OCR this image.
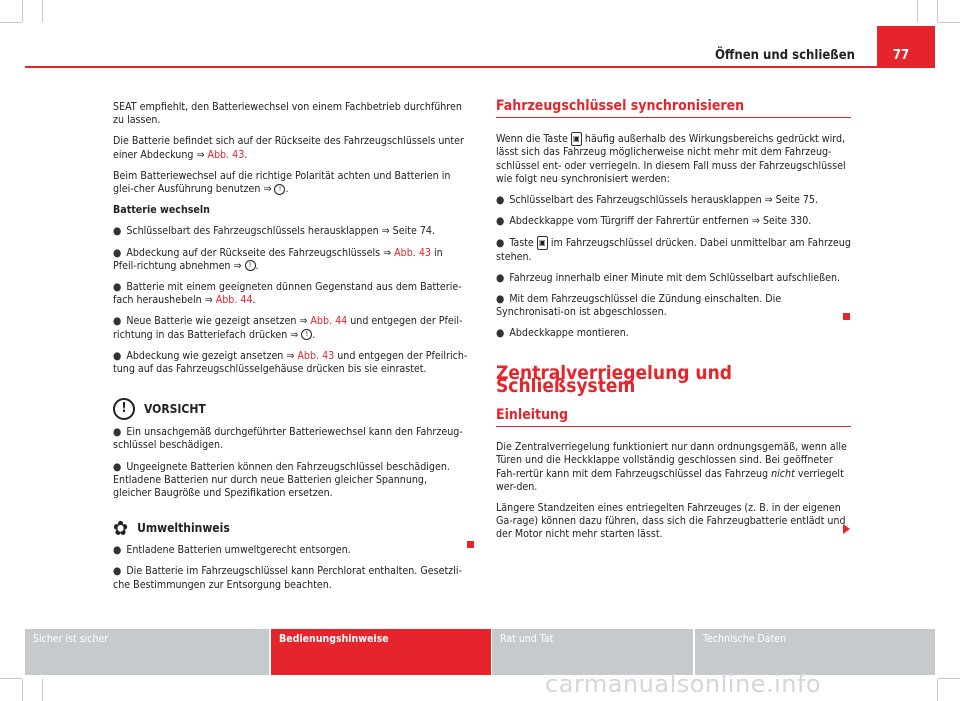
Öffnen und schließen	77

SEAT empfiehlt, den Batteriewechsel von einem Fachbetrieb durchführen zu lassen.

Die Batterie befindet sich auf der Rückseite des Fahrzeugschlüssels unter einer Abdeckung ⇒ Abb. 43.

Beim Batteriewechsel auf die richtige Polarität achten und Batterien in glei-cher Ausführung benutzen ⇒ ! .

Batterie wechseln
● Schlüsselbart des Fahrzeugschlüssels herausklappen ⇒ Seite 74.
● Abdeckung auf der Rückseite des Fahrzeugschlüssels ⇒ Abb. 43 in Pfeil-richtung abnehmen ⇒ ! .
● Batterie mit einem geeigneten dünnen Gegenstand aus dem Batterie-fach heraushebeln ⇒ Abb. 44.
● Neue Batterie wie gezeigt ansetzen ⇒ Abb. 44 und entgegen der Pfeil-richtung in das Batteriefach drücken ⇒ ! .
● Abdeckung wie gezeigt ansetzen ⇒ Abb. 43 und entgegen der Pfeilrich-tung auf das Fahrzeugschlüsselgehäuse drücken bis sie einrastet.
!	VORSICHT
● Ein unsachgemäß durchgeführter Batteriewechsel kann den Fahrzeug-schlüssel beschädigen.
● Ungeeignete Batterien können den Fahrzeugschlüssel beschädigen. Entladene Batterien nur durch neue Batterien gleicher Spannung, gleicher Baugröße und Spezifikation ersetzen.
✿ Umwelthinweis
● Entladene Batterien umweltgerecht entsorgen.
● Die Batterie im Fahrzeugschlüssel kann Perchlorat enthalten. Gesetzli-che Bestimmungen zur Entsorgung beachten.
Fahrzeugschlüssel synchronisieren

Wenn die Taste ▣ häufig außerhalb des Wirkungsbereichs gedrückt wird, lässt sich das Fahrzeug möglicherweise nicht mehr mit dem Fahrzeug-schlüssel ent- oder verriegeln. In diesem Fall muss der Fahrzeugschlüssel wie folgt neu synchronisiert werden:

● Schlüsselbart des Fahrzeugschlüssels herausklappen ⇒ Seite 75.
● Abdeckkappe vom Türgriff der Fahrertür entfernen ⇒ Seite 330.
● Taste ▣ im Fahrzeugschlüssel drücken. Dabei unmittelbar am Fahrzeug stehen.
● Fahrzeug innerhalb einer Minute mit dem Schlüsselbart aufschließen.
● Mit dem Fahrzeugschlüssel die Zündung einschalten. Die Synchronisati-on ist abgeschlossen.
● Abdeckkappe montieren.
Zentralverriegelung und Schließsystem
Einleitung

Die Zentralverriegelung funktioniert nur dann ordnungsgemäß, wenn alle Türen und die Heckklappe vollständig geschlossen sind. Bei geöffneter Fah-rertür kann mit dem Fahrzeugschlüssel das Fahrzeug nicht verriegelt wer-den.

Längere Standzeiten eines entriegelten Fahrzeuges (z. B. in der eigenen Ga-rage) können dazu führen, dass sich die Fahrzeugbatterie entlädt und der Motor nicht mehr starten lässt.

Sicher ist sicher	Bedienungshinweise	Rat und Tat	Technische Daten
carmanualsonline.info
